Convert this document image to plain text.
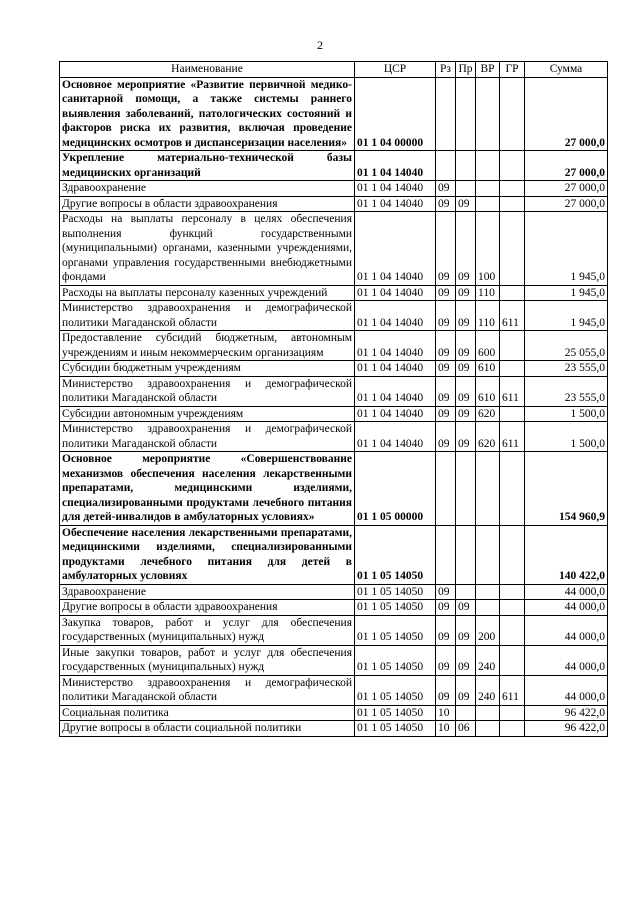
2
Наименование	ЦСР	Рз	Пр	ВР	ГР	Сумма
Основное мероприятие «Развитие первичной медико-санитарной помощи, а также системы раннего выявления заболеваний, патологических состояний и факторов риска их развития, включая проведение медицинских осмотров и диспансеризации населения»	01 1 04 00000					27 000,0
Укрепление материально-технической базы медицинских организаций	01 1 04 14040					27 000,0
Здравоохранение	01 1 04 14040	09				27 000,0
Другие вопросы в области здравоохранения	01 1 04 14040	09	09			27 000,0
Расходы на выплаты персоналу в целях обеспечения выполнения функций государственными (муниципальными) органами, казенными учреждениями, органами управления государственными внебюджетными фондами	01 1 04 14040	09	09	100		1 945,0
Расходы на выплаты персоналу казенных учреждений	01 1 04 14040	09	09	110		1 945,0
Министерство здравоохранения и демографической политики Магаданской области	01 1 04 14040	09	09	110	611	1 945,0
Предоставление субсидий бюджетным, автономным учреждениям и иным некоммерческим организациям	01 1 04 14040	09	09	600		25 055,0
Субсидии бюджетным учреждениям	01 1 04 14040	09	09	610		23 555,0
Министерство здравоохранения и демографической политики Магаданской области	01 1 04 14040	09	09	610	611	23 555,0
Субсидии автономным учреждениям	01 1 04 14040	09	09	620		1 500,0
Министерство здравоохранения и демографической политики Магаданской области	01 1 04 14040	09	09	620	611	1 500,0
Основное мероприятие «Совершенствование механизмов обеспечения населения лекарственными препаратами, медицинскими изделиями, специализированными продуктами лечебного питания для детей-инвалидов в амбулаторных условиях»	01 1 05 00000					154 960,9
Обеспечение населения лекарственными препаратами, медицинскими изделиями, специализированными продуктами лечебного питания для детей в амбулаторных условиях	01 1 05 14050					140 422,0
Здравоохранение	01 1 05 14050	09				44 000,0
Другие вопросы в области здравоохранения	01 1 05 14050	09	09			44 000,0
Закупка товаров, работ и услуг для обеспечения государственных (муниципальных) нужд	01 1 05 14050	09	09	200		44 000,0
Иные закупки товаров, работ и услуг для обеспечения государственных (муниципальных) нужд	01 1 05 14050	09	09	240		44 000,0
Министерство здравоохранения и демографической политики Магаданской области	01 1 05 14050	09	09	240	611	44 000,0
Социальная политика	01 1 05 14050	10				96 422,0
Другие вопросы в области социальной политики	01 1 05 14050	10	06			96 422,0
